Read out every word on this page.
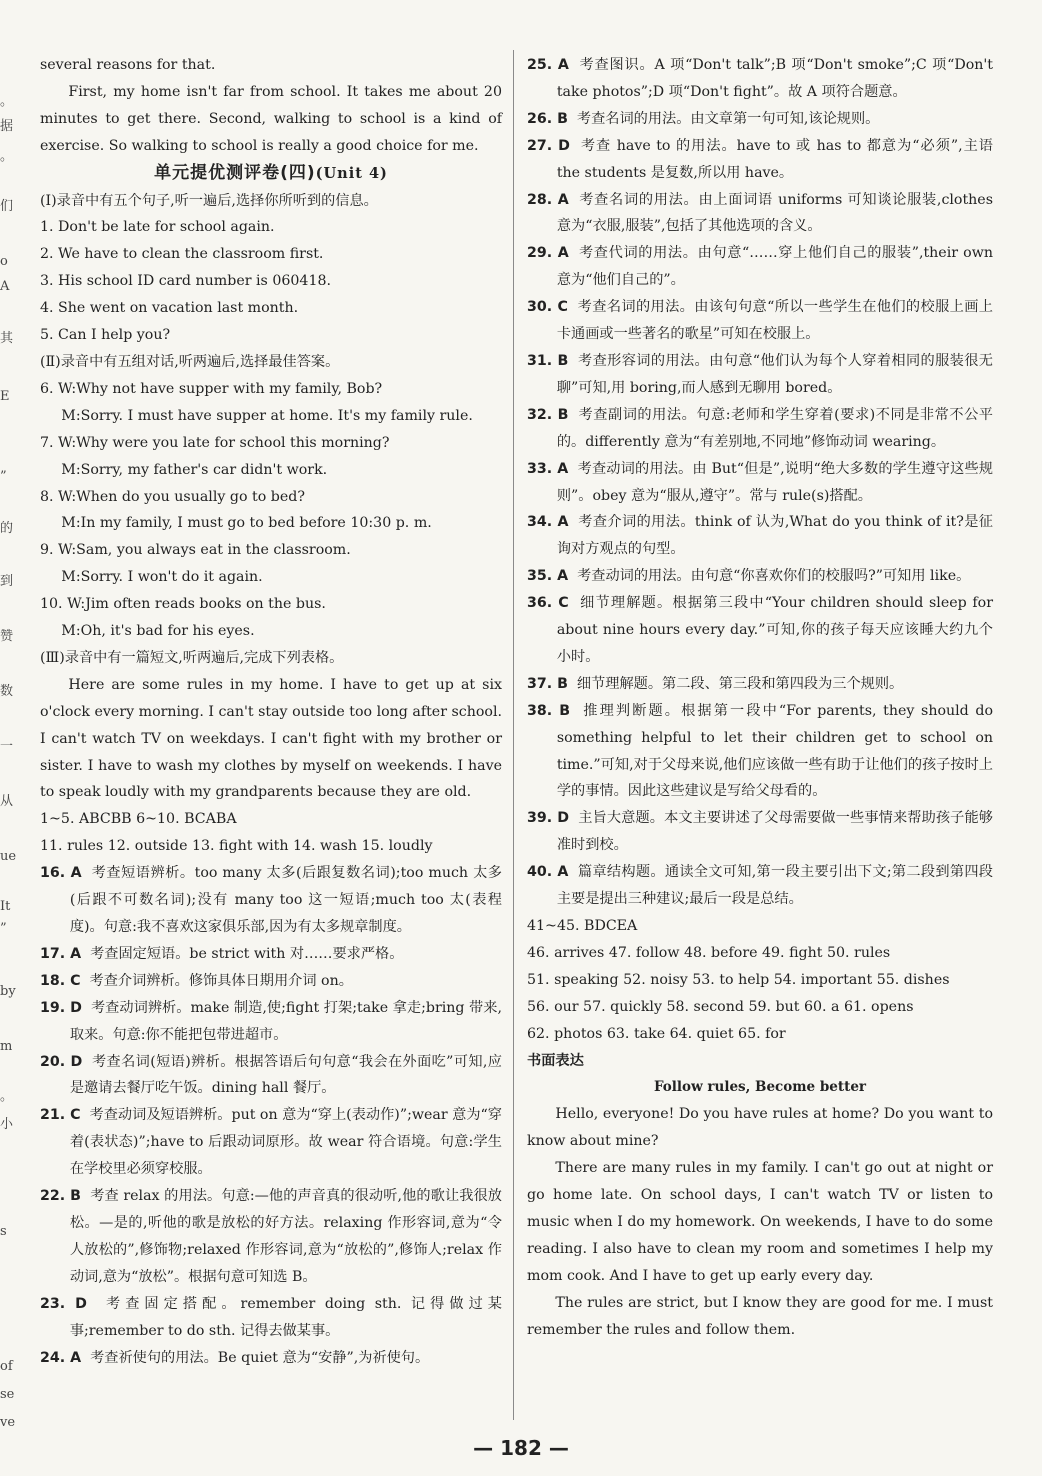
。
据
。
们
o
A
其
E
”
的
到
赞
数
一
从
ue
It
”
by
m
。
小
s
of
se
ve

several reasons for that.

First, my home isn't far from school. It takes me about 20 minutes to get there. Second, walking to school is a kind of exercise. So walking to school is really a good choice for me.

单元提优测评卷(四)(Unit 4)

(Ⅰ)录音中有五个句子,听一遍后,选择你所听到的信息。

1. Don't be late for school again.

2. We have to clean the classroom first.

3. His school ID card number is 060418.

4. She went on vacation last month.

5. Can I help you?

(Ⅱ)录音中有五组对话,听两遍后,选择最佳答案。

6. W:Why not have supper with my family, Bob?

M:Sorry. I must have supper at home. It's my family rule.

7. W:Why were you late for school this morning?

M:Sorry, my father's car didn't work.

8. W:When do you usually go to bed?

M:In my family, I must go to bed before 10:30 p. m.

9. W:Sam, you always eat in the classroom.

M:Sorry. I won't do it again.

10. W:Jim often reads books on the bus.

M:Oh, it's bad for his eyes.

(Ⅲ)录音中有一篇短文,听两遍后,完成下列表格。

Here are some rules in my home. I have to get up at six o'clock every morning. I can't stay outside too long after school. I can't watch TV on weekdays. I can't fight with my brother or sister. I have to wash my clothes by myself on weekends. I have to speak loudly with my grandparents because they are old.

1~5. ABCBB 6~10. BCABA

11. rules 12. outside 13. fight with 14. wash 15. loudly

16. A 考查短语辨析。too many 太多(后跟复数名词);too much 太多(后跟不可数名词);没有 many too 这一短语;much too 太(表程度)。句意:我不喜欢这家俱乐部,因为有太多规章制度。

17. A 考查固定短语。be strict with 对……要求严格。

18. C 考查介词辨析。修饰具体日期用介词 on。

19. D 考查动词辨析。make 制造,使;fight 打架;take 拿走;bring 带来,取来。句意:你不能把包带进超市。

20. D 考查名词(短语)辨析。根据答语后句句意“我会在外面吃”可知,应是邀请去餐厅吃午饭。dining hall 餐厅。

21. C 考查动词及短语辨析。put on 意为“穿上(表动作)”;wear 意为“穿着(表状态)”;have to 后跟动词原形。故 wear 符合语境。句意:学生在学校里必须穿校服。

22. B 考查 relax 的用法。句意:—他的声音真的很动听,他的歌让我很放松。—是的,听他的歌是放松的好方法。relaxing 作形容词,意为“令人放松的”,修饰物;relaxed 作形容词,意为“放松的”,修饰人;relax 作动词,意为“放松”。根据句意可知选 B。

23. D 考查固定搭配。remember doing sth. 记得做过某事;remember to do sth. 记得去做某事。

24. A 考查祈使句的用法。Be quiet 意为“安静”,为祈使句。

25. A 考查图识。A 项“Don't talk”;B 项“Don't smoke”;C 项“Don't take photos”;D 项“Don't fight”。故 A 项符合题意。

26. B 考查名词的用法。由文章第一句可知,该论规则。

27. D 考查 have to 的用法。have to 或 has to 都意为“必须”,主语 the students 是复数,所以用 have。

28. A 考查名词的用法。由上面词语 uniforms 可知谈论服装,clothes 意为“衣服,服装”,包括了其他选项的含义。

29. A 考查代词的用法。由句意“……穿上他们自己的服装”,their own 意为“他们自己的”。

30. C 考查名词的用法。由该句句意“所以一些学生在他们的校服上画上卡通画或一些著名的歌星”可知在校服上。

31. B 考查形容词的用法。由句意“他们认为每个人穿着相同的服装很无聊”可知,用 boring,而人感到无聊用 bored。

32. B 考查副词的用法。句意:老师和学生穿着(要求)不同是非常不公平的。differently 意为“有差别地,不同地”修饰动词 wearing。

33. A 考查动词的用法。由 But“但是”,说明“绝大多数的学生遵守这些规则”。obey 意为“服从,遵守”。常与 rule(s)搭配。

34. A 考查介词的用法。think of 认为,What do you think of it?是征询对方观点的句型。

35. A 考查动词的用法。由句意“你喜欢你们的校服吗?”可知用 like。

36. C 细节理解题。根据第三段中“Your children should sleep for about nine hours every day.”可知,你的孩子每天应该睡大约九个小时。

37. B 细节理解题。第二段、第三段和第四段为三个规则。

38. B 推理判断题。根据第一段中“For parents, they should do something helpful to let their children get to school on time.”可知,对于父母来说,他们应该做一些有助于让他们的孩子按时上学的事情。因此这些建议是写给父母看的。

39. D 主旨大意题。本文主要讲述了父母需要做一些事情来帮助孩子能够准时到校。

40. A 篇章结构题。通读全文可知,第一段主要引出下文;第二段到第四段主要是提出三种建议;最后一段是总结。

41~45. BDCEA

46. arrives 47. follow 48. before 49. fight 50. rules

51. speaking 52. noisy 53. to help 54. important 55. dishes

56. our 57. quickly 58. second 59. but 60. a 61. opens

62. photos 63. take 64. quiet 65. for

书面表达

Follow rules, Become better

Hello, everyone! Do you have rules at home? Do you want to know about mine?

There are many rules in my family. I can't go out at night or go home late. On school days, I can't watch TV or listen to music when I do my homework. On weekends, I have to do some reading. I also have to clean my room and sometimes I help my mom cook. And I have to get up early every day.

The rules are strict, but I know they are good for me. I must remember the rules and follow them.

— 182 —
